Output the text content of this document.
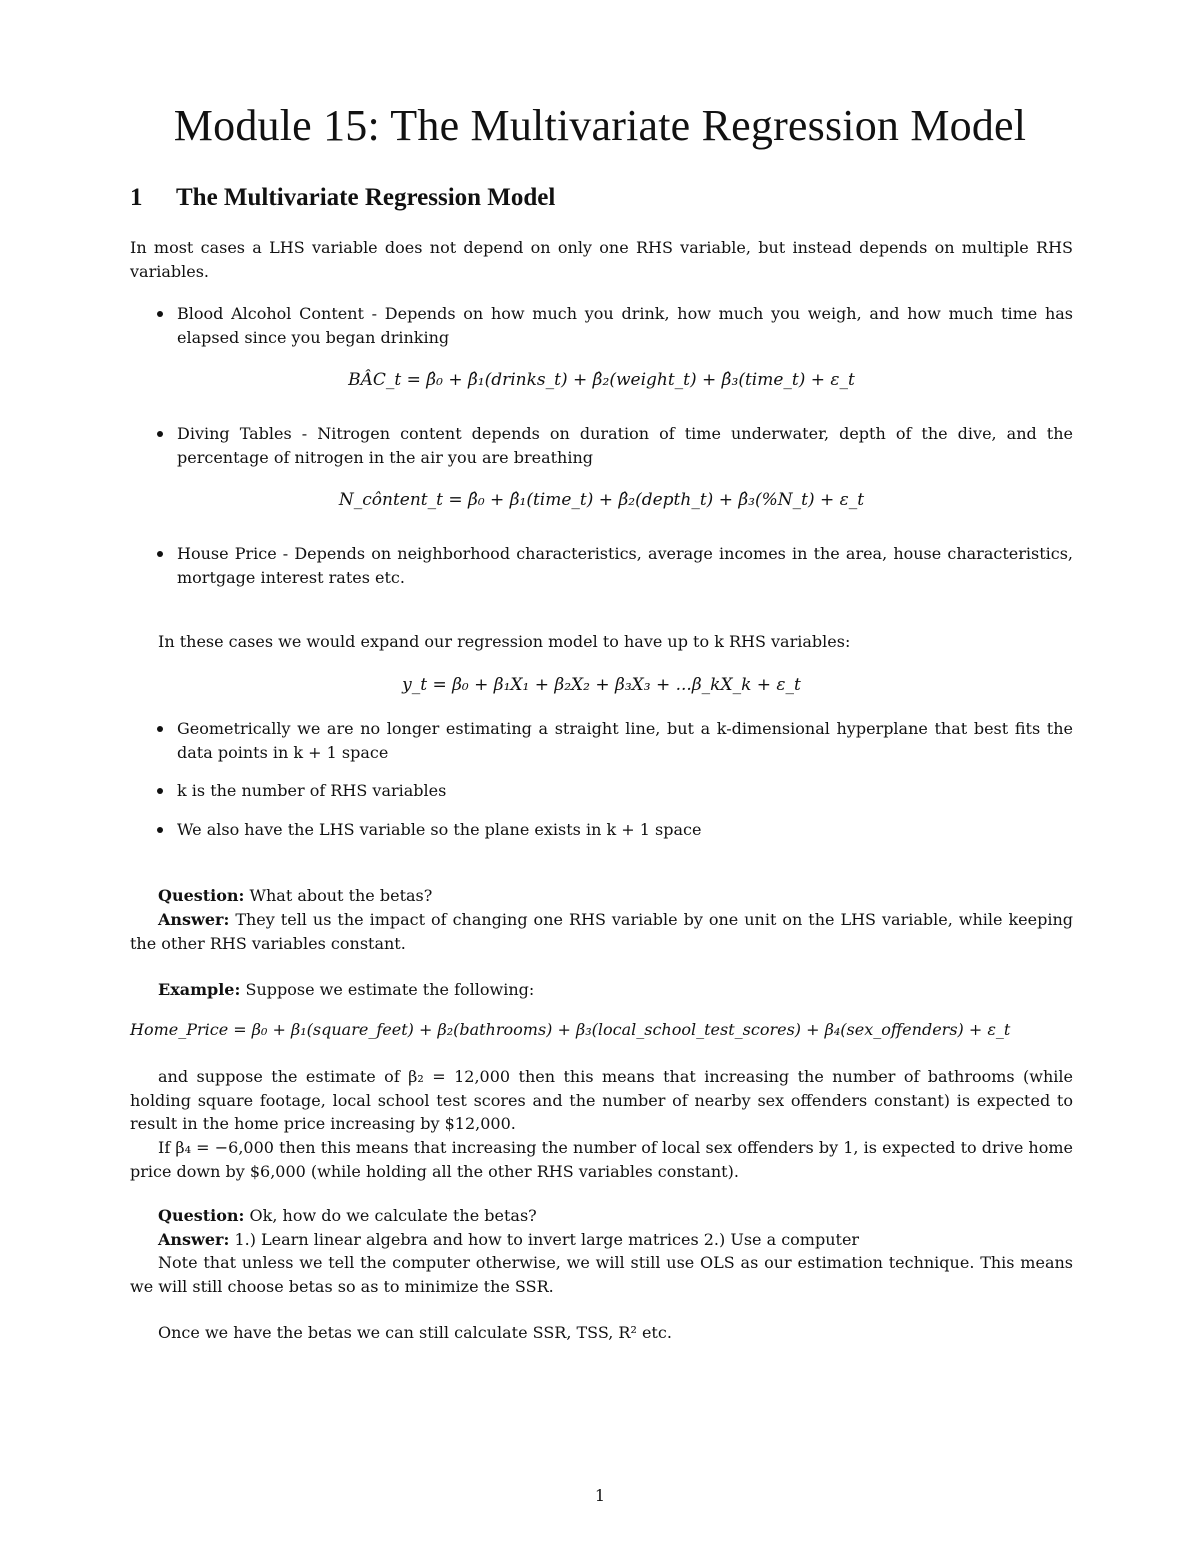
Module 15: The Multivariate Regression Model
1 The Multivariate Regression Model

In most cases a LHS variable does not depend on only one RHS variable, but instead depends on multiple RHS variables.

Blood Alcohol Content - Depends on how much you drink, how much you weigh, and how much time has elapsed since you began drinking

BÂC_t = β̂₀ + β̂₁(drinks_t) + β̂₂(weight_t) + β̂₃(time_t) + ε_t

Diving Tables - Nitrogen content depends on duration of time underwater, depth of the dive, and the percentage of nitrogen in the air you are breathing

N_côntent_t = β̂₀ + β̂₁(time_t) + β̂₂(depth_t) + β̂₃(%N_t) + ε_t

House Price - Depends on neighborhood characteristics, average incomes in the area, house characteristics, mortgage interest rates etc.

In these cases we would expand our regression model to have up to k RHS variables:

y_t = β₀ + β₁X₁ + β₂X₂ + β₃X₃ + ...β_kX_k + ε_t

Geometrically we are no longer estimating a straight line, but a k-dimensional hyperplane that best fits the data points in k + 1 space
k is the number of RHS variables
We also have the LHS variable so the plane exists in k + 1 space

Question: What about the betas?

Answer: They tell us the impact of changing one RHS variable by one unit on the LHS variable, while keeping the other RHS variables constant.

Example: Suppose we estimate the following:

Home_Price = β₀ + β₁(square_feet) + β₂(bathrooms) + β₃(local_school_test_scores) + β₄(sex_offenders) + ε_t

and suppose the estimate of β₂ = 12,000 then this means that increasing the number of bathrooms (while holding square footage, local school test scores and the number of nearby sex offenders constant) is expected to result in the home price increasing by $12,000.

If β₄ = −6,000 then this means that increasing the number of local sex offenders by 1, is expected to drive home price down by $6,000 (while holding all the other RHS variables constant).

Question: Ok, how do we calculate the betas?

Answer: 1.) Learn linear algebra and how to invert large matrices 2.) Use a computer

Note that unless we tell the computer otherwise, we will still use OLS as our estimation technique. This means we will still choose betas so as to minimize the SSR.

Once we have the betas we can still calculate SSR, TSS, R² etc.

1
